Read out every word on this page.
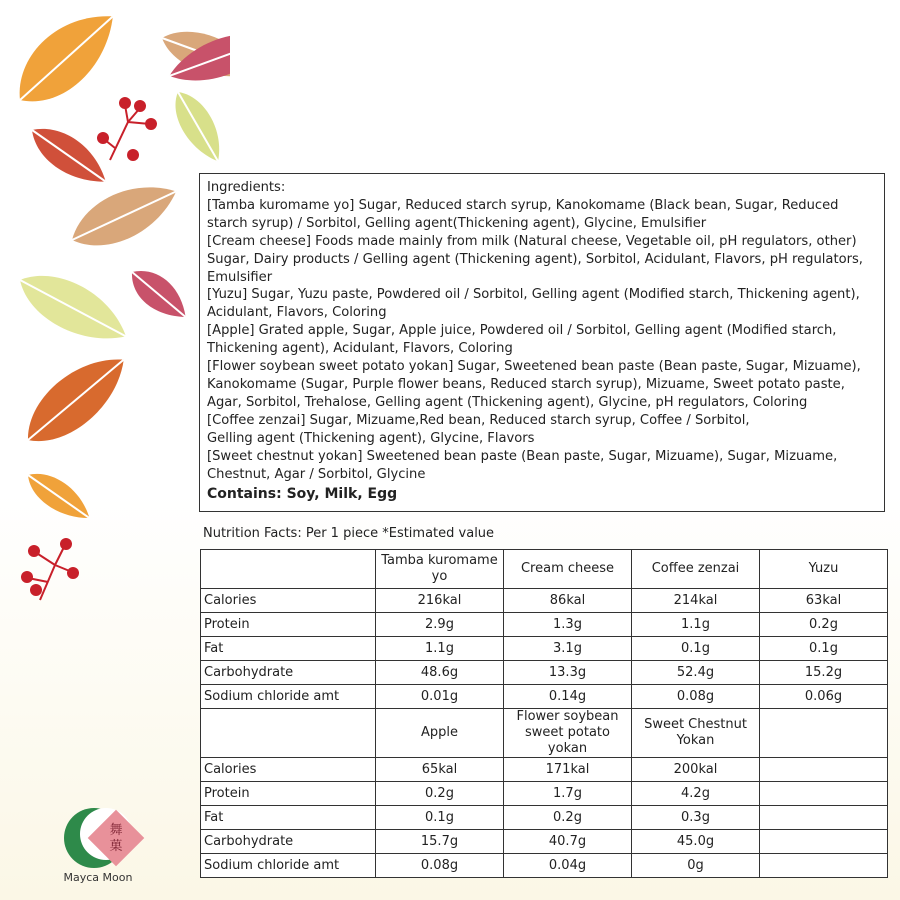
Ingredients:

[Tamba kuromame yo] Sugar, Reduced starch syrup, Kanokomame (Black bean, Sugar, Reduced starch syrup) / Sorbitol, Gelling agent(Thickening agent), Glycine, Emulsifier

[Cream cheese] Foods made mainly from milk (Natural cheese, Vegetable oil, pH regulators, other) Sugar, Dairy products / Gelling agent (Thickening agent), Sorbitol, Acidulant, Flavors, pH regulators, Emulsifier

[Yuzu] Sugar, Yuzu paste, Powdered oil / Sorbitol, Gelling agent (Modified starch, Thickening agent), Acidulant, Flavors, Coloring

[Apple] Grated apple, Sugar, Apple juice, Powdered oil / Sorbitol, Gelling agent (Modified starch, Thickening agent), Acidulant, Flavors, Coloring

[Flower soybean sweet potato yokan] Sugar, Sweetened bean paste (Bean paste, Sugar, Mizuame), Kanokomame (Sugar, Purple flower beans, Reduced starch syrup), Mizuame, Sweet potato paste, Agar, Sorbitol, Trehalose, Gelling agent (Thickening agent), Glycine, pH regulators, Coloring

[Coffee zenzai] Sugar, Mizuame,Red bean, Reduced starch syrup, Coffee / Sorbitol,

Gelling agent (Thickening agent), Glycine, Flavors

[Sweet chestnut yokan] Sweetened bean paste (Bean paste, Sugar, Mizuame), Sugar, Mizuame, Chestnut, Agar / Sorbitol, Glycine

Contains: Soy, Milk, Egg

Nutrition Facts: Per 1 piece *Estimated value
	Tamba kuromame yo	Cream cheese	Coffee zenzai	Yuzu
Calories	216kal	86kal	214kal	63kal
Protein	2.9g	1.3g	1.1g	0.2g
Fat	1.1g	3.1g	0.1g	0.1g
Carbohydrate	48.6g	13.3g	52.4g	15.2g
Sodium chloride amt	0.01g	0.14g	0.08g	0.06g
	Apple	Flower soybean sweet potato yokan	Sweet Chestnut Yokan	
Calories	65kal	171kal	200kal	
Protein	0.2g	1.7g	4.2g	
Fat	0.1g	0.2g	0.3g	
Carbohydrate	15.7g	40.7g	45.0g	
Sodium chloride amt	0.08g	0.04g	0g	
舞
菓
Mayca Moon
